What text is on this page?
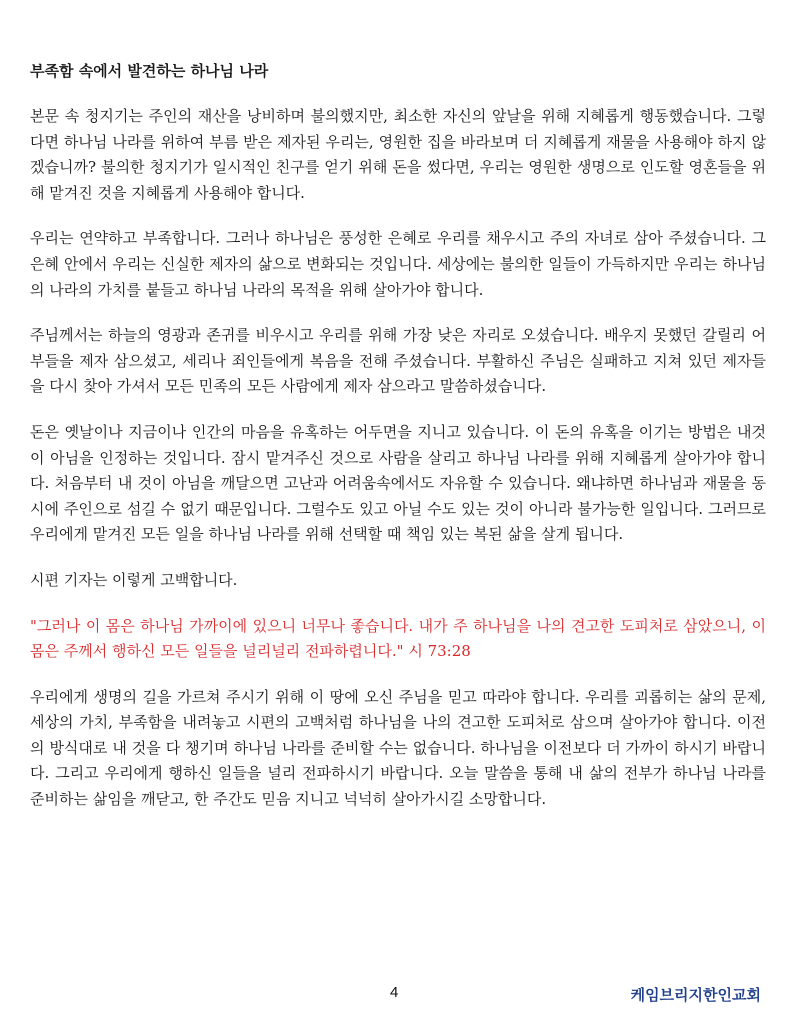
부족함 속에서 발견하는 하나님 나라

본문 속 청지기는 주인의 재산을 낭비하며 불의했지만, 최소한 자신의 앞날을 위해 지혜롭게 행동했습니다. 그렇다면 하나님 나라를 위하여 부름 받은 제자된 우리는, 영원한 집을 바라보며 더 지혜롭게 재물을 사용해야 하지 않겠습니까? 불의한 청지기가 일시적인 친구를 얻기 위해 돈을 썼다면, 우리는 영원한 생명으로 인도할 영혼들을 위해 맡겨진 것을 지혜롭게 사용해야 합니다.

우리는 연약하고 부족합니다. 그러나 하나님은 풍성한 은혜로 우리를 채우시고 주의 자녀로 삼아 주셨습니다. 그 은혜 안에서 우리는 신실한 제자의 삶으로 변화되는 것입니다. 세상에는 불의한 일들이 가득하지만 우리는 하나님의 나라의 가치를 붙들고 하나님 나라의 목적을 위해 살아가야 합니다.

주님께서는 하늘의 영광과 존귀를 비우시고 우리를 위해 가장 낮은 자리로 오셨습니다. 배우지 못했던 갈릴리 어부들을 제자 삼으셨고, 세리나 죄인들에게 복음을 전해 주셨습니다. 부활하신 주님은 실패하고 지쳐 있던 제자들을 다시 찾아 가셔서 모든 민족의 모든 사람에게 제자 삼으라고 말씀하셨습니다.

돈은 옛날이나 지금이나 인간의 마음을 유혹하는 어두면을 지니고 있습니다. 이 돈의 유혹을 이기는 방법은 내것이 아님을 인정하는 것입니다. 잠시 맡겨주신 것으로 사람을 살리고 하나님 나라를 위해 지혜롭게 살아가야 합니다. 처음부터 내 것이 아님을 깨달으면 고난과 어려움속에서도 자유할 수 있습니다. 왜냐하면 하나님과 재물을 동시에 주인으로 섬길 수 없기 때문입니다. 그럴수도 있고 아닐 수도 있는 것이 아니라 불가능한 일입니다. 그러므로 우리에게 맡겨진 모든 일을 하나님 나라를 위해 선택할 때 책임 있는 복된 삶을 살게 됩니다.

시편 기자는 이렇게 고백합니다.

"그러나 이 몸은 하나님 가까이에 있으니 너무나 좋습니다. 내가 주 하나님을 나의 견고한 도피처로 삼았으니, 이 몸은 주께서 행하신 모든 일들을 널리널리 전파하렵니다." 시 73:28

우리에게 생명의 길을 가르쳐 주시기 위해 이 땅에 오신 주님을 믿고 따라야 합니다. 우리를 괴롭히는 삶의 문제, 세상의 가치, 부족함을 내려놓고 시편의 고백처럼 하나님을 나의 견고한 도피처로 삼으며 살아가야 합니다. 이전의 방식대로 내 것을 다 챙기며 하나님 나라를 준비할 수는 없습니다. 하나님을 이전보다 더 가까이 하시기 바랍니다. 그리고 우리에게 행하신 일들을 널리 전파하시기 바랍니다. 오늘 말씀을 통해 내 삶의 전부가 하나님 나라를 준비하는 삶임을 깨닫고, 한 주간도 믿음 지니고 넉넉히 살아가시길 소망합니다.

4	케임브리지한인교회
